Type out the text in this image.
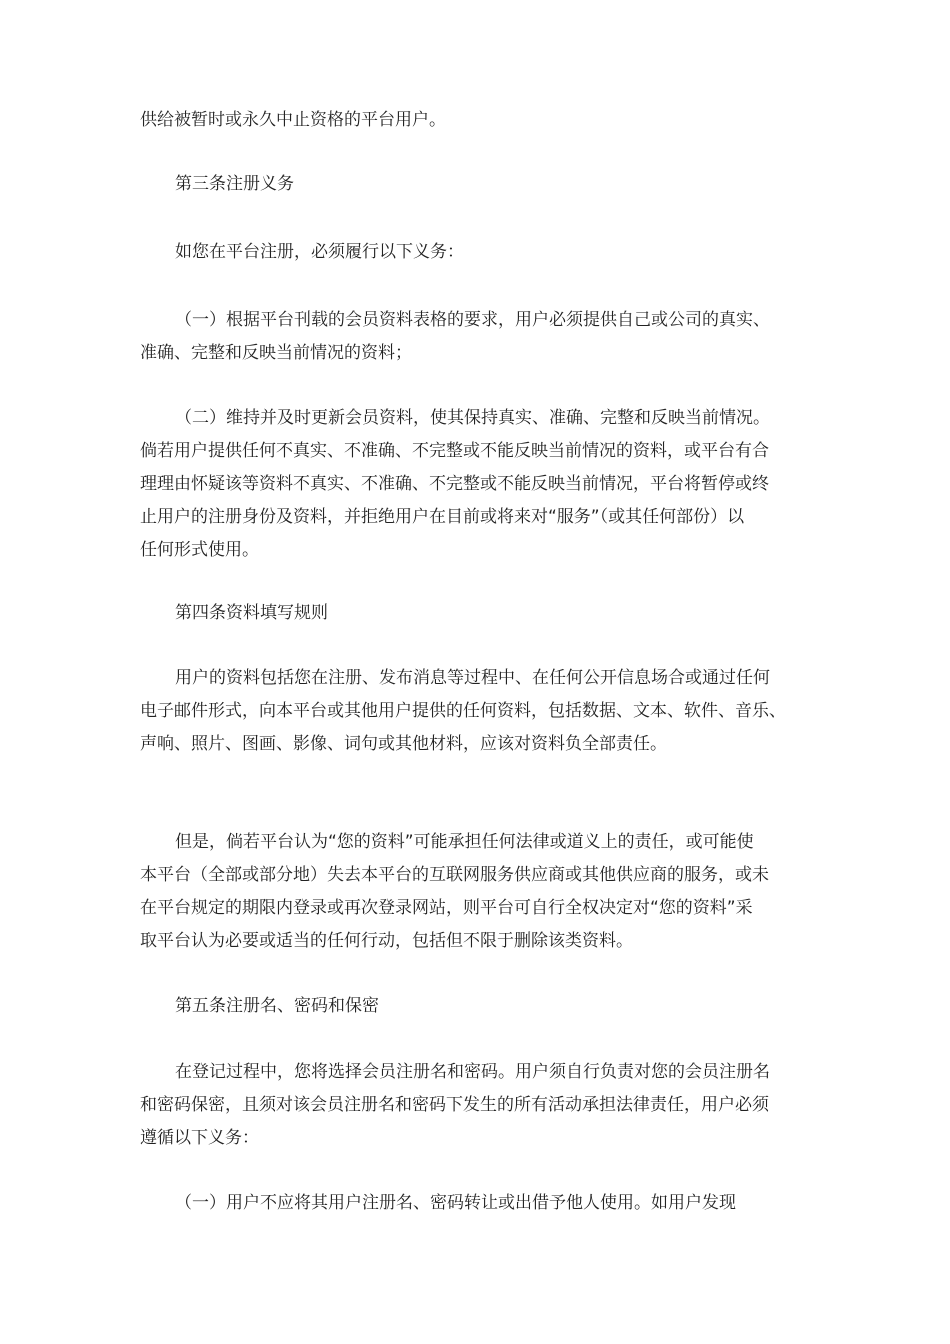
供给被暂时或永久中止资格的平台用户。
第三条注册义务
如您在平台注册，必须履行以下义务：
（一）根据平台刊载的会员资料表格的要求，用户必须提供自己或公司的真实、
准确、完整和反映当前情况的资料；
（二）维持并及时更新会员资料，使其保持真实、准确、完整和反映当前情况。
倘若用户提供任何不真实、不准确、不完整或不能反映当前情况的资料，或平台有合
理理由怀疑该等资料不真实、不准确、不完整或不能反映当前情况，平台将暂停或终
止用户的注册身份及资料，并拒绝用户在目前或将来对“服务”（或其任何部份）以
任何形式使用。
第四条资料填写规则
用户的资料包括您在注册、发布消息等过程中、在任何公开信息场合或通过任何
电子邮件形式，向本平台或其他用户提供的任何资料，包括数据、文本、软件、音乐、
声响、照片、图画、影像、词句或其他材料，应该对资料负全部责任。
但是，倘若平台认为“您的资料”可能承担任何法律或道义上的责任，或可能使
本平台（全部或部分地）失去本平台的互联网服务供应商或其他供应商的服务，或未
在平台规定的期限内登录或再次登录网站，则平台可自行全权决定对“您的资料”采
取平台认为必要或适当的任何行动，包括但不限于删除该类资料。
第五条注册名、密码和保密
在登记过程中，您将选择会员注册名和密码。用户须自行负责对您的会员注册名
和密码保密，且须对该会员注册名和密码下发生的所有活动承担法律责任，用户必须
遵循以下义务：
（一）用户不应将其用户注册名、密码转让或出借予他人使用。如用户发现
